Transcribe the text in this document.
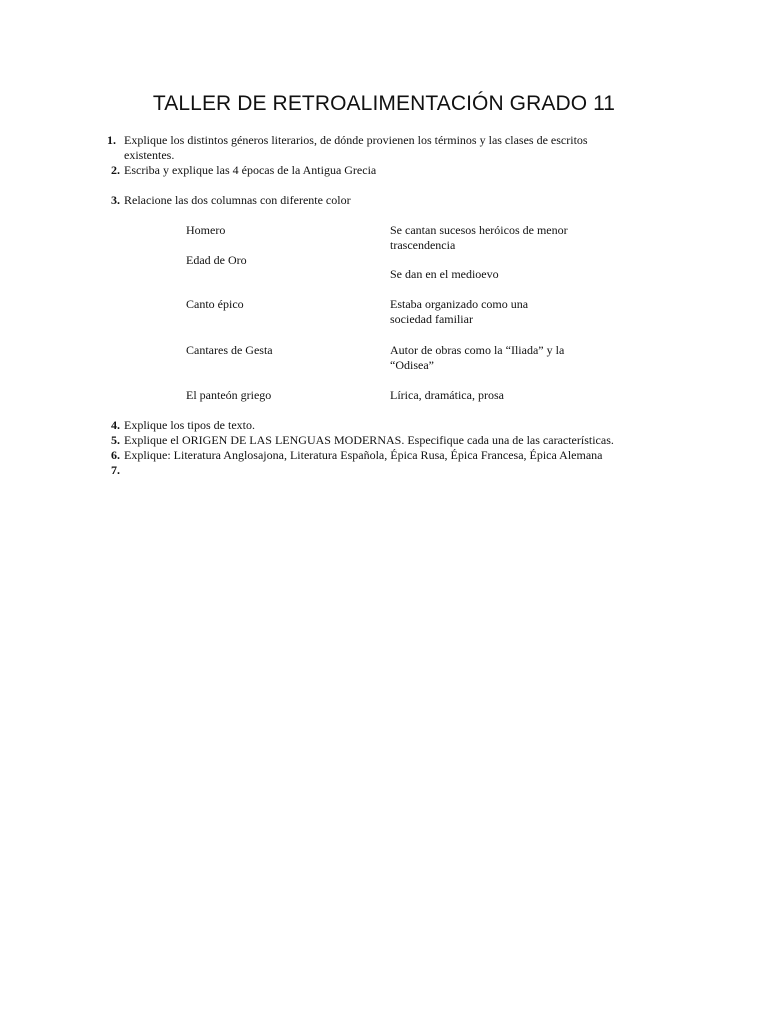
TALLER DE RETROALIMENTACIÓN GRADO 11
1. Explique los distintos géneros literarios, de dónde provienen los términos y las clases de escritos existentes.
2. Escriba y explique las 4 épocas de la Antigua Grecia
3. Relacione las dos columnas con diferente color
Homero
Edad de Oro
Canto épico
Cantares de Gesta
El panteón griego
Se cantan sucesos heróicos de menor trascendencia
Se dan en el medioevo
Estaba organizado como una sociedad familiar
Autor de obras como la “Iliada” y la “Odisea”
Lírica, dramática, prosa
4. Explique los tipos de texto.
5. Explique el ORIGEN DE LAS LENGUAS MODERNAS. Especifique cada una de las características.
6. Explique: Literatura Anglosajona, Literatura Española, Épica Rusa, Épica Francesa, Épica Alemana
7.
